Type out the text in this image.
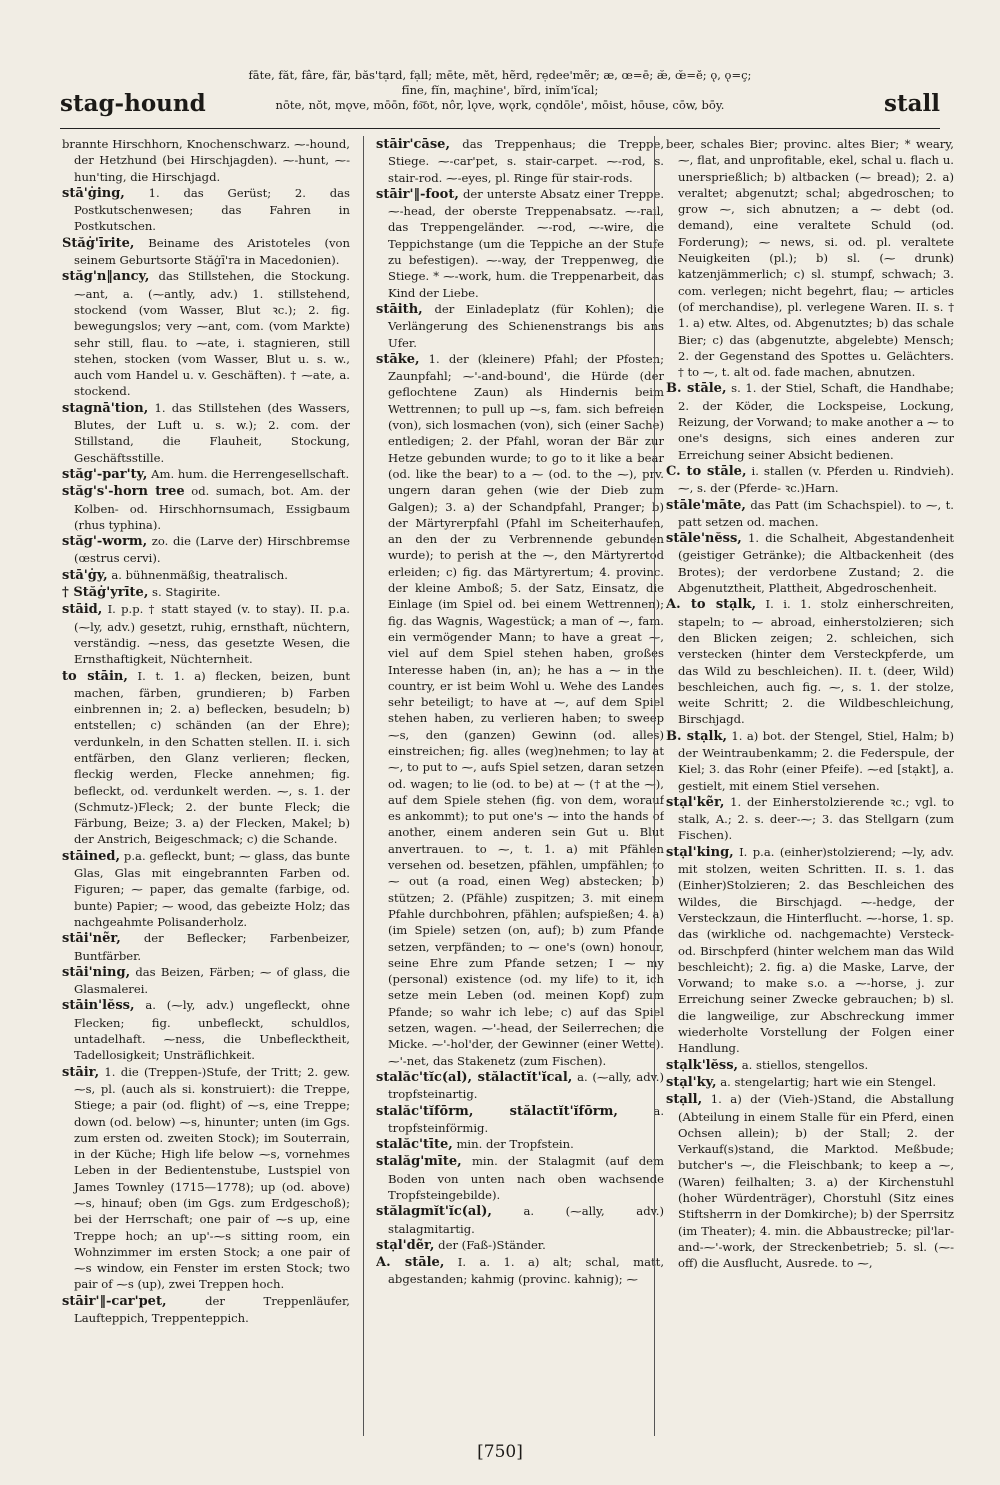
stag-hound
fāte, făt, fâre, fär, băs'tạrd, fạll; mēte, mĕt, hẽrd, rẹdee'mẽr; æ, œ=ē; æ̆, œ̆=ĕ; ǫ, ǫ=ç;
fīne, fĭn, maçhine', bĩrd, inĭm'ĭcal;
nōte, nŏt, mǫve, mōōn, fo͝ot, nôr, lǫve, wǫrk, cǫndōle', mōist, hōuse, cōw, bōy.	stall
brannte Hirschhorn, Knochenschwarz. ⁓-hound, der Hetzhund (bei Hirschjagden). ⁓-hunt, ⁓-hun'ting, die Hirschjagd.
stā'ġing, 1. das Gerüst; 2. das Postkutschenwesen; das Fahren in Postkutschen.
Stăġ'īrite, Beiname des Aristoteles (von seinem Geburtsorte Stăġī'ra in Macedonien).
stăg'n‖ancy, das Stillstehen, die Stockung. ⁓ant, a. (⁓antly, adv.) 1. stillstehend, stockend (vom Wasser, Blut ꝛc.); 2. fig. bewegungslos; very ⁓ant, com. (vom Markte) sehr still, flau. to ⁓ate, i. stagnieren, still stehen, stocken (vom Wasser, Blut u. s. w., auch vom Handel u. v. Geschäften). † ⁓ate, a. stockend.
stagnā'tion, 1. das Stillstehen (des Wassers, Blutes, der Luft u. s. w.); 2. com. der Stillstand, die Flauheit, Stockung, Geschäftsstille.
stăg'-par'ty, Am. hum. die Herrengesellschaft.
stăg's'-horn tree od. sumach, bot. Am. der Kolben- od. Hirschhornsumach, Essigbaum (rhus typhina).
stăg'-worm, zo. die (Larve der) Hirschbremse (œstrus cervi).
stā'ġy, a. bühnenmäßig, theatralisch.
† Stăġ'yrīte, s. Stagirite.
stāid, I. p.p. † statt stayed (v. to stay). II. p.a. (⁓ly, adv.) gesetzt, ruhig, ernsthaft, nüchtern, verständig. ⁓ness, das gesetzte Wesen, die Ernsthaftigkeit, Nüchternheit.
to stāin, I. t. 1. a) flecken, beizen, bunt machen, färben, grundieren; b) Farben einbrennen in; 2. a) beflecken, besudeln; b) entstellen; c) schänden (an der Ehre); verdunkeln, in den Schatten stellen. II. i. sich entfärben, den Glanz verlieren; flecken, fleckig werden, Flecke annehmen; fig. befleckt, od. verdunkelt werden. ⁓, s. 1. der (Schmutz-)Fleck; 2. der bunte Fleck; die Färbung, Beize; 3. a) der Flecken, Makel; b) der Anstrich, Beigeschmack; c) die Schande.
stāined, p.a. gefleckt, bunt; ⁓ glass, das bunte Glas, Glas mit eingebrannten Farben od. Figuren; ⁓ paper, das gemalte (farbige, od. bunte) Papier; ⁓ wood, das gebeizte Holz; das nachgeahmte Polisanderholz.
stāi'nẽr, der Beflecker; Farbenbeizer, Buntfärber.
stāi'ning, das Beizen, Färben; ⁓ of glass, die Glasmalerei.
stāin'lĕss, a. (⁓ly, adv.) ungefleckt, ohne Flecken; fig. unbefleckt, schuldlos, untadelhaft. ⁓ness, die Unbeflecktheit, Tadellosigkeit; Unsträflichkeit.
stāir, 1. die (Treppen-)Stufe, der Tritt; 2. gew. ⁓s, pl. (auch als si. konstruiert): die Treppe, Stiege; a pair (od. flight) of ⁓s, eine Treppe; down (od. below) ⁓s, hinunter; unten (im Ggs. zum ersten od. zweiten Stock); im Souterrain, in der Küche; High life below ⁓s, vornehmes Leben in der Bedientenstube, Lustspiel von James Townley (1715—1778); up (od. above) ⁓s, hinauf; oben (im Ggs. zum Erdgeschoß); bei der Herrschaft; one pair of ⁓s up, eine Treppe hoch; an up'-⁓s sitting room, ein Wohnzimmer im ersten Stock; a one pair of ⁓s window, ein Fenster im ersten Stock; two pair of ⁓s (up), zwei Treppen hoch.
stāir'‖-car'pet,	der Treppenläufer, Laufteppich, Treppenteppich.
stāir'cāse, das Treppenhaus; die Treppe, Stiege. ⁓-car'pet, s. stair-carpet. ⁓-rod, s. stair-rod. ⁓-eyes, pl. Ringe für stair-rods.
stāir'‖-foot, der unterste Absatz einer Treppe. ⁓-head, der oberste Treppenabsatz. ⁓-rail, das Treppengeländer. ⁓-rod, ⁓-wire, die Teppichstange (um die Teppiche an der Stufe zu befestigen). ⁓-way, der Treppenweg, die Stiege. * ⁓-work, hum. die Treppenarbeit, das Kind der Liebe.
stāith, der Einladeplatz (für Kohlen); die Verlängerung des Schienenstrangs bis ans Ufer.
stāke, 1. der (kleinere) Pfahl; der Pfosten; Zaunpfahl; ⁓'-and-bound', die Hürde (der geflochtene Zaun) als Hindernis beim Wettrennen; to pull up ⁓s, fam. sich befreien (von), sich losmachen (von), sich (einer Sache) entledigen; 2. der Pfahl, woran der Bär zur Hetze gebunden wurde; to go to it like a bear (od. like the bear) to a ⁓ (od. to the ⁓), prv. ungern daran gehen (wie der Dieb zum Galgen); 3. a) der Schandpfahl, Pranger; b) der Märtyrerpfahl (Pfahl im Scheiterhaufen, an den der zu Verbrennende gebunden wurde); to perish at the ⁓, den Märtyrertod erleiden; c) fig. das Märtyrertum; 4. provinc. der kleine Amboß; 5. der Satz, Einsatz, die Einlage (im Spiel od. bei einem Wettrennen); fig. das Wagnis, Wagestück; a man of ⁓, fam. ein vermögender Mann; to have a great ⁓, viel auf dem Spiel stehen haben, großes Interesse haben (in, an); he has a ⁓ in the country, er ist beim Wohl u. Wehe des Landes sehr beteiligt; to have at ⁓, auf dem Spiel stehen haben, zu verlieren haben; to sweep ⁓s, den (ganzen) Gewinn (od. alles) einstreichen; fig. alles (weg)nehmen; to lay at ⁓, to put to ⁓, aufs Spiel setzen, daran setzen od. wagen; to lie (od. to be) at ⁓ († at the ⁓), auf dem Spiele stehen (fig. von dem, worauf es ankommt); to put one's ⁓ into the hands of another, einem anderen sein Gut u. Blut anvertrauen. to ⁓, t. 1. a) mit Pfählen versehen od. besetzen, pfählen, umpfählen; to ⁓ out (a road, einen Weg) abstecken; b) stützen; 2. (Pfähle) zuspitzen; 3. mit einem Pfahle durchbohren, pfählen; aufspießen; 4. a) (im Spiele) setzen (on, auf); b) zum Pfande setzen, verpfänden; to ⁓ one's (own) honour, seine Ehre zum Pfande setzen; I ⁓ my (personal) existence (od. my life) to it, ich setze mein Leben (od. meinen Kopf) zum Pfande; so wahr ich lebe; c) auf das Spiel setzen, wagen. ⁓'-head, der Seilerrechen; die Micke. ⁓'-hol'der, der Gewinner (einer Wette). ⁓'-net, das Stakenetz (zum Fischen).
stalăc'tĭc(al), stălactĭt'ĭcal, a. (⁓ally, adv.) tropfsteinartig.
stalăc'tĭfōrm, stălactĭt'ĭfōrm,	a. tropfsteinförmig.
stalăc'tīte, min. der Tropfstein.
stalăg'mīte, min. der Stalagmit (auf dem Boden von unten nach oben wachsende Tropfsteingebilde).
stălagmĭt'ĭc(al),	a. (⁓ally, adv.) stalagmitartig.
stạl'dẽr, der (Faß-)Ständer.
A. stāle, I. a. 1. a) alt; schal, matt, abgestanden; kahmig (provinc. kahnig); ⁓
beer, schales Bier; provinc. altes Bier; * weary, ⁓, flat, and unprofitable, ekel, schal u. flach u. unersprießlich; b) altbacken (⁓ bread); 2. a) veraltet; abgenutzt; schal; abgedroschen; to grow ⁓, sich abnutzen; a ⁓ debt (od. demand), eine veraltete Schuld (od. Forderung); ⁓ news, si. od. pl. veraltete Neuigkeiten (pl.); b) sl. (⁓ drunk) katzenjämmerlich; c) sl. stumpf, schwach; 3. com. verlegen; nicht begehrt, flau; ⁓ articles (of merchandise), pl. verlegene Waren. II. s. † 1. a) etw. Altes, od. Abgenutztes; b) das schale Bier; c) das (abgenutzte, abgelebte) Mensch; 2. der Gegenstand des Spottes u. Gelächters. † to ⁓, t. alt od. fade machen, abnutzen.
B. stāle, s. 1. der Stiel, Schaft, die Handhabe; 2. der Köder, die Lockspeise, Lockung, Reizung, der Vorwand; to make another a ⁓ to one's designs, sich eines anderen zur Erreichung seiner Absicht bedienen.
C. to stāle, i. stallen (v. Pferden u. Rindvieh). ⁓, s. der (Pferde- ꝛc.)Harn.
stāle'māte, das Patt (im Schachspiel). to ⁓, t. patt setzen od. machen.
stāle'nĕss, 1. die Schalheit, Abgestandenheit (geistiger Getränke); die Altbackenheit (des Brotes); der verdorbene Zustand; 2. die Abgenutztheit, Plattheit, Abgedroschenheit.
A. to stạlk, I. i. 1. stolz einherschreiten, stapeln; to ⁓ abroad, einherstolzieren; sich den Blicken zeigen; 2. schleichen, sich verstecken (hinter dem Versteckpferde, um das Wild zu beschleichen). II. t. (deer, Wild) beschleichen, auch fig. ⁓, s. 1. der stolze, weite Schritt; 2. die Wildbeschleichung, Birschjagd.
B. stạlk, 1. a) bot. der Stengel, Stiel, Halm; b) der Weintraubenkamm; 2. die Federspule, der Kiel; 3. das Rohr (einer Pfeife). ⁓ed [stạkt], a. gestielt, mit einem Stiel versehen.
stạl'kẽr, 1. der Einherstolzierende ꝛc.; vgl. to stalk, A.; 2. s. deer-⁓; 3. das Stellgarn (zum Fischen).
stạl'king, I. p.a. (einher)stolzierend; ⁓ly, adv. mit stolzen, weiten Schritten. II. s. 1. das (Einher)Stolzieren; 2. das Beschleichen des Wildes, die Birschjagd. ⁓-hedge, der Versteckzaun, die Hinterflucht. ⁓-horse, 1. sp. das (wirkliche od. nachgemachte) Versteck- od. Birschpferd (hinter welchem man das Wild beschleicht); 2. fig. a) die Maske, Larve, der Vorwand; to make s.o. a ⁓-horse, j. zur Erreichung seiner Zwecke gebrauchen; b) sl. die langweilige, zur Abschreckung immer wiederholte Vorstellung der Folgen einer Handlung.
stạlk'lĕss, a. stiellos, stengellos.
stạl'ky, a. stengelartig; hart wie ein Stengel.
stạll, 1. a) der (Vieh-)Stand, die Abstallung (Abteilung in einem Stalle für ein Pferd, einen Ochsen allein); b) der Stall; 2. der Verkauf(s)stand, die Marktod. Meßbude; butcher's ⁓, die Fleischbank; to keep a ⁓, (Waren) feilhalten; 3. a) der Kirchenstuhl (hoher Würdenträger), Chorstuhl (Sitz eines Stiftsherrn in der Domkirche); b) der Sperrsitz (im Theater); 4. min. die Abbaustrecke; pil'lar-and-⁓'-work, der Streckenbetrieb; 5. sl. (⁓-off) die Ausflucht, Ausrede. to ⁓,
[750]
